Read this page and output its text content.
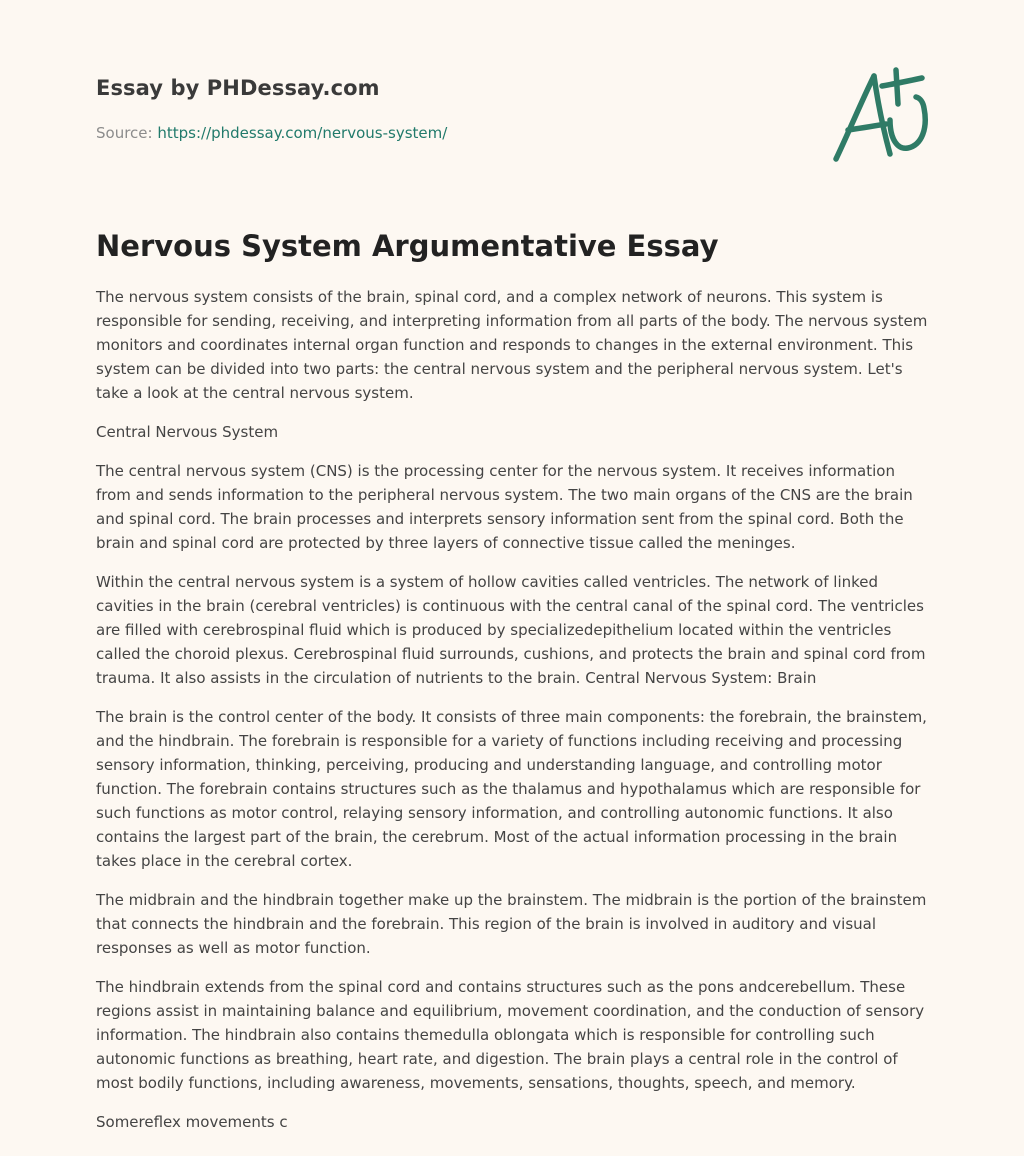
Essay by PHDessay.com
Source: https://phdessay.com/nervous-system/
Nervous System Argumentative Essay

The nervous system consists of the brain, spinal cord, and a complex network of neurons. This system is responsible for sending, receiving, and interpreting information from all parts of the body. The nervous system monitors and coordinates internal organ function and responds to changes in the external environment. This system can be divided into two parts: the central nervous system and the peripheral nervous system. Let's take a look at the central nervous system.

Central Nervous System

The central nervous system (CNS) is the processing center for the nervous system. It receives information from and sends information to the peripheral nervous system. The two main organs of the CNS are the brain and spinal cord. The brain processes and interprets sensory information sent from the spinal cord. Both the brain and spinal cord are protected by three layers of connective tissue called the meninges.

Within the central nervous system is a system of hollow cavities called ventricles. The network of linked cavities in the brain (cerebral ventricles) is continuous with the central canal of the spinal cord. The ventricles are filled with cerebrospinal fluid which is produced by specializedepithelium located within the ventricles called the choroid plexus. Cerebrospinal fluid surrounds, cushions, and protects the brain and spinal cord from trauma. It also assists in the circulation of nutrients to the brain. Central Nervous System: Brain

The brain is the control center of the body. It consists of three main components: the forebrain, the brainstem, and the hindbrain. The forebrain is responsible for a variety of functions including receiving and processing sensory information, thinking, perceiving, producing and understanding language, and controlling motor function. The forebrain contains structures such as the thalamus and hypothalamus which are responsible for such functions as motor control, relaying sensory information, and controlling autonomic functions. It also contains the largest part of the brain, the cerebrum. Most of the actual information processing in the brain takes place in the cerebral cortex.

The midbrain and the hindbrain together make up the brainstem. The midbrain is the portion of the brainstem that connects the hindbrain and the forebrain. This region of the brain is involved in auditory and visual responses as well as motor function.

The hindbrain extends from the spinal cord and contains structures such as the pons andcerebellum. These regions assist in maintaining balance and equilibrium, movement coordination, and the conduction of sensory information. The hindbrain also contains themedulla oblongata which is responsible for controlling such autonomic functions as breathing, heart rate, and digestion. The brain plays a central role in the control of most bodily functions, including awareness, movements, sensations, thoughts, speech, and memory.

Somereflex movements c
